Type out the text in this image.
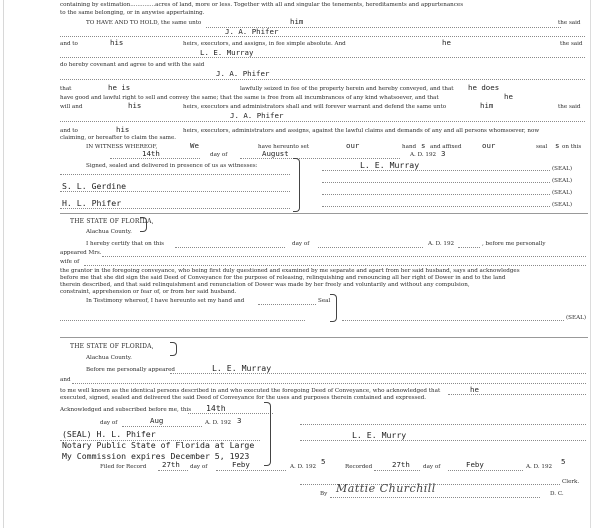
containing by estimation..............acres of land, more or less. Together with all and singular the tenements, hereditaments and appurtenances
to the same belonging, or in anywise appertaining.
TO HAVE AND TO HOLD, the same unto	him	the said
J. A. Phifer
and to	his	heirs, executors, and assigns, in fee simple absolute. And	he	the said
L. E. Murray
do hereby covenant and agree to and with the said
J. A. Phifer
that	he is	lawfully seized in fee of the property herein and hereby conveyed, and that he does
have good and lawful right to sell and convey the same; that the same is free from all incumbrances of any kind whatsoever, and that	he
will and	his	heirs, executors and administrators shall and will forever warrant and defend the same unto	him	the said
J. A. Phifer
and to	his	heirs, executors, administrators and assigns, against the lawful claims and demands of any and all persons whomsoever, now
claiming, or hereafter to claim the same.
IN WITNESS WHEREOF,	We	have hereunto set	our	hand s and affixed	our	seal s on this
14th	day of	August	A. D. 192 3
Signed, sealed and delivered in presence of us as witnesses:	L. E. Murray	(SEAL)
(SEAL)
(SEAL)
(SEAL)
S. L. Gerdine
H. L. Phifer
THE STATE OF FLORIDA,
Alachua County.
I hereby certify that on this	day of	A. D. 192	, before me personally
appeared Mrs.
wife of
the grantor in the foregoing conveyance, who being first duly questioned and examined by me separate and apart from her said husband, says and acknowledges
before me that she did sign the said Deed of Conveyance for the purpose of releasing, relinquishing and renouncing all her right of Dower in and to the land
therein described, and that said relinquishment and renunciation of Dower was made by her freely and voluntarily and without any compulsion,
constraint, apprehension or fear of, or from her said husband.
In Testimony whereof, I have hereunto set my hand and	Seal
(SEAL)
THE STATE OF FLORIDA,
Alachua County.
Before me personally appeared	L. E. Murray
and
to me well known as the identical persons described in and who executed the foregoing Deed of Conveyance, who acknowledged that	he
executed, signed, sealed and delivered the said Deed of Conveyance for the uses and purposes therein contained and expressed.
Acknowledged and subscribed before me, this 14th
day of	Aug	A. D. 192 3
(SEAL) H. L. Phifer
Notary Public State of Florida at Large
My Commission expires December 5, 1923
L. E. Murry
Filed for Record 27th day of	Feby	A. D. 192
5
Recorded	27th day of	Feby	A. D. 192
5
Clerk.
By Mattie Churchill	D. C.
